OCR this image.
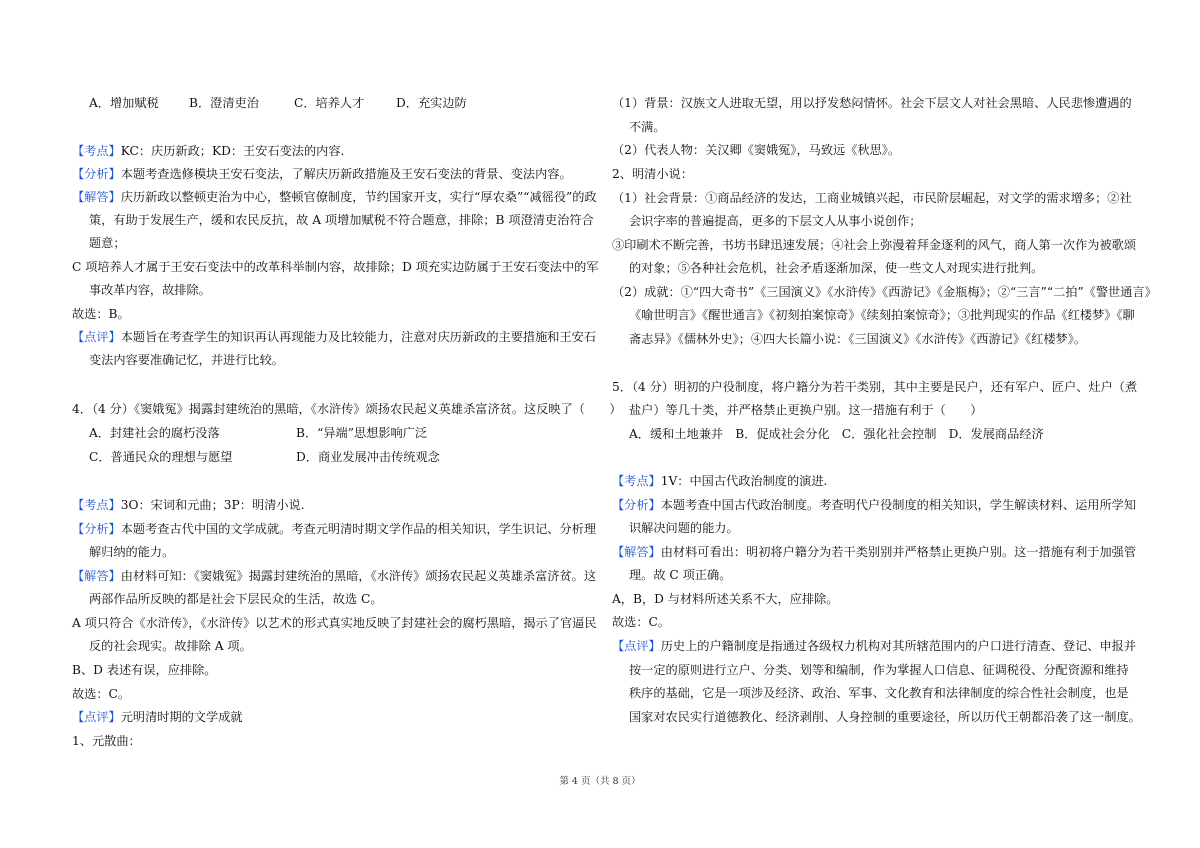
A．增加赋税 B．澄清吏治	C．培养人才	D．充实边防
【考点】KC：庆历新政；KD：王安石变法的内容.
【分析】本题考查选修模块王安石变法，了解庆历新政措施及王安石变法的背景、变法内容。
【解答】庆历新政以整顿吏治为中心，整顿官僚制度，节约国家开支，实行“厚农桑”“减徭役”的政
策，有助于发展生产，缓和农民反抗，故 A 项增加赋税不符合题意，排除；B 项澄清吏治符合
题意；
C 项培养人才属于王安石变法中的改革科举制内容，故排除；D 项充实边防属于王安石变法中的军
事改革内容，故排除。
故选：B。
【点评】本题旨在考查学生的知识再认再现能力及比较能力，注意对庆历新政的主要措施和王安石
变法内容要准确记忆，并进行比较。
4．（4 分）《窦娥冤》揭露封建统治的黑暗，《水浒传》颂扬农民起义英雄杀富济贫。这反映了（　　）
A．封建社会的腐朽没落	B．“异端”思想影响广泛
C．普通民众的理想与愿望	D．商业发展冲击传统观念
【考点】3O：宋词和元曲；3P：明清小说.
【分析】本题考查古代中国的文学成就。考查元明清时期文学作品的相关知识，学生识记、分析理
解归纳的能力。
【解答】由材料可知：《窦娥冤》揭露封建统治的黑暗，《水浒传》颂扬农民起义英雄杀富济贫。这
两部作品所反映的都是社会下层民众的生活，故选 C。
A 项只符合《水浒传》，《水浒传》以艺术的形式真实地反映了封建社会的腐朽黑暗，揭示了官逼民
反的社会现实。故排除 A 项。
B、D 表述有误，应排除。
故选：C。
【点评】元明清时期的文学成就
1、元散曲：
（1）背景：汉族文人进取无望，用以抒发愁闷情怀。社会下层文人对社会黑暗、人民悲惨遭遇的
不满。
（2）代表人物：关汉卿《窦娥冤》，马致远《秋思》。
2、明清小说：
（1）社会背景：①商品经济的发达，工商业城镇兴起，市民阶层崛起，对文学的需求增多；②社
会识字率的普遍提高，更多的下层文人从事小说创作；
③印刷术不断完善，书坊书肆迅速发展；④社会上弥漫着拜金逐利的风气，商人第一次作为被歌颂
的对象；⑤各种社会危机，社会矛盾逐渐加深，使一些文人对现实进行批判。
（2）成就：①“四大奇书”《三国演义》《水浒传》《西游记》《金瓶梅》；②“三言”“二拍”《警世通言》
《喻世明言》《醒世通言》《初刻拍案惊奇》《续刻拍案惊奇》；③批判现实的作品《红楼梦》《聊
斋志异》《儒林外史》；④四大长篇小说：《三国演义》《水浒传》《西游记》《红楼梦》。
5．（4 分）明初的户役制度，将户籍分为若干类别，其中主要是民户，还有军户、匠户、灶户（煮
盐户）等几十类，并严格禁止更换户别。这一措施有利于（　　）
A．缓和土地兼并　B．促成社会分化　C．强化社会控制　D．发展商品经济
【考点】1V：中国古代政治制度的演进.
【分析】本题考查中国古代政治制度。考查明代户役制度的相关知识，学生解读材料、运用所学知
识解决问题的能力。
【解答】由材料可看出：明初将户籍分为若干类别别并严格禁止更换户别。这一措施有利于加强管
理。故 C 项正确。
A，B，D 与材料所述关系不大，应排除。
故选：C。
【点评】历史上的户籍制度是指通过各级权力机构对其所辖范围内的户口进行清查、登记、申报并
按一定的原则进行立户、分类、划等和编制，作为掌握人口信息、征调税役、分配资源和维持
秩序的基础，它是一项涉及经济、政治、军事、文化教育和法律制度的综合性社会制度，也是
国家对农民实行道德教化、经济剥削、人身控制的重要途径，所以历代王朝都沿袭了这一制度。
第 4 页（共 8 页）
